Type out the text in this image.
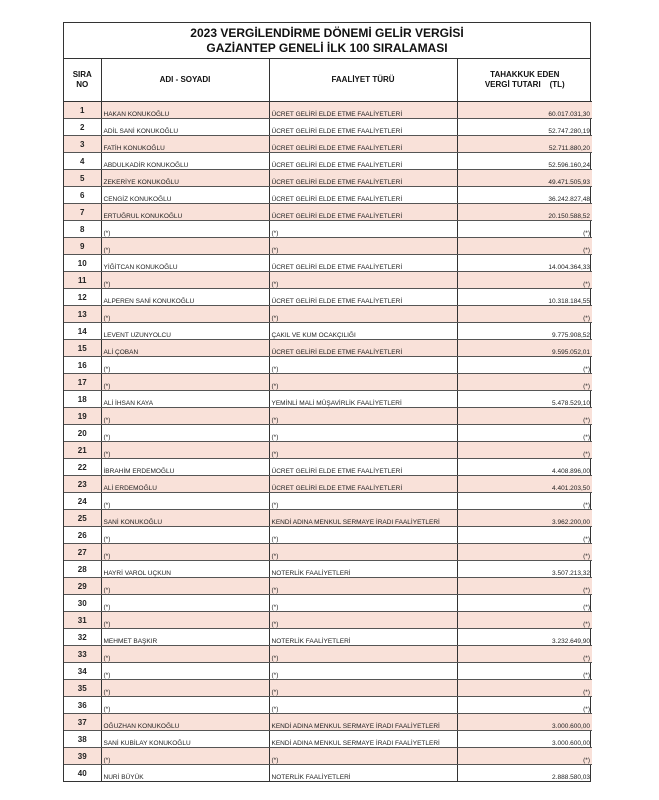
2023 VERGİLENDİRME DÖNEMİ GELİR VERGİSİ
GAZİANTEP GENELİ İLK 100 SIRALAMASI
SIRA
NO	ADI - SOYADI	FAALİYET TÜRÜ	TAHAKKUK EDEN
VERGİ TUTARI    (TL)
1	HAKAN KONUKOĞLU	ÜCRET GELİRİ ELDE ETME FAALİYETLERİ	60.017.031,30
2	ADİL SANİ KONUKOĞLU	ÜCRET GELİRİ ELDE ETME FAALİYETLERİ	52.747.280,19
3	FATİH KONUKOĞLU	ÜCRET GELİRİ ELDE ETME FAALİYETLERİ	52.711.880,20
4	ABDULKADİR KONUKOĞLU	ÜCRET GELİRİ ELDE ETME FAALİYETLERİ	52.596.160,24
5	ZEKERİYE KONUKOĞLU	ÜCRET GELİRİ ELDE ETME FAALİYETLERİ	49.471.505,93
6	CENGİZ KONUKOĞLU	ÜCRET GELİRİ ELDE ETME FAALİYETLERİ	36.242.827,48
7	ERTUĞRUL KONUKOĞLU	ÜCRET GELİRİ ELDE ETME FAALİYETLERİ	20.150.588,52
8	(*)	(*)	(*)
9	(*)	(*)	(*)
10	YİĞİTCAN KONUKOĞLU	ÜCRET GELİRİ ELDE ETME FAALİYETLERİ	14.004.364,33
11	(*)	(*)	(*)
12	ALPEREN SANİ KONUKOĞLU	ÜCRET GELİRİ ELDE ETME FAALİYETLERİ	10.318.184,55
13	(*)	(*)	(*)
14	LEVENT UZUNYOLCU	ÇAKIL VE KUM OCAKÇILIĞI	9.775.908,52
15	ALİ ÇOBAN	ÜCRET GELİRİ ELDE ETME FAALİYETLERİ	9.595.052,01
16	(*)	(*)	(*)
17	(*)	(*)	(*)
18	ALİ İHSAN KAYA	YEMİNLİ MALİ MÜŞAVİRLİK FAALİYETLERİ	5.478.529,10
19	(*)	(*)	(*)
20	(*)	(*)	(*)
21	(*)	(*)	(*)
22	İBRAHİM ERDEMOĞLU	ÜCRET GELİRİ ELDE ETME FAALİYETLERİ	4.408.896,00
23	ALİ ERDEMOĞLU	ÜCRET GELİRİ ELDE ETME FAALİYETLERİ	4.401.203,50
24	(*)	(*)	(*)
25	SANİ KONUKOĞLU	KENDİ ADINA MENKUL SERMAYE İRADI FAALİYETLERİ	3.962.200,00
26	(*)	(*)	(*)
27	(*)	(*)	(*)
28	HAYRİ VAROL UÇKUN	NOTERLİK FAALİYETLERİ	3.507.213,32
29	(*)	(*)	(*)
30	(*)	(*)	(*)
31	(*)	(*)	(*)
32	MEHMET BAŞKIR	NOTERLİK FAALİYETLERİ	3.232.649,90
33	(*)	(*)	(*)
34	(*)	(*)	(*)
35	(*)	(*)	(*)
36	(*)	(*)	(*)
37	OĞUZHAN KONUKOĞLU	KENDİ ADINA MENKUL SERMAYE İRADI FAALİYETLERİ	3.000.600,00
38	SANİ KUBİLAY KONUKOĞLU	KENDİ ADINA MENKUL SERMAYE İRADI FAALİYETLERİ	3.000.600,00
39	(*)	(*)	(*)
40	NURİ BÜYÜK	NOTERLİK FAALİYETLERİ	2.888.580,03
